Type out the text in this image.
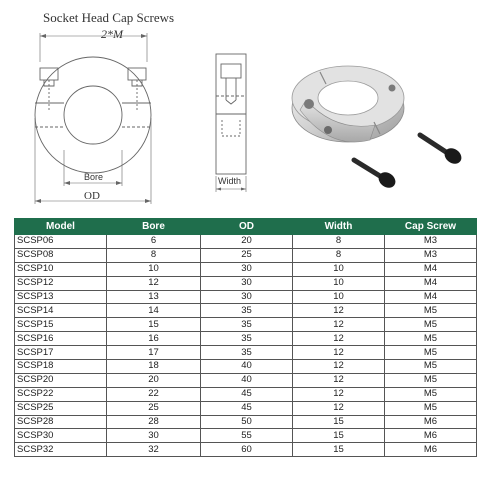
Socket Head Cap Screws
2*M
Bore
OD
Width
Model	Bore	OD	Width	Cap Screw
SCSP06	6	20	8	M3
SCSP08	8	25	8	M3
SCSP10	10	30	10	M4
SCSP12	12	30	10	M4
SCSP13	13	30	10	M4
SCSP14	14	35	12	M5
SCSP15	15	35	12	M5
SCSP16	16	35	12	M5
SCSP17	17	35	12	M5
SCSP18	18	40	12	M5
SCSP20	20	40	12	M5
SCSP22	22	45	12	M5
SCSP25	25	45	12	M5
SCSP28	28	50	15	M6
SCSP30	30	55	15	M6
SCSP32	32	60	15	M6
